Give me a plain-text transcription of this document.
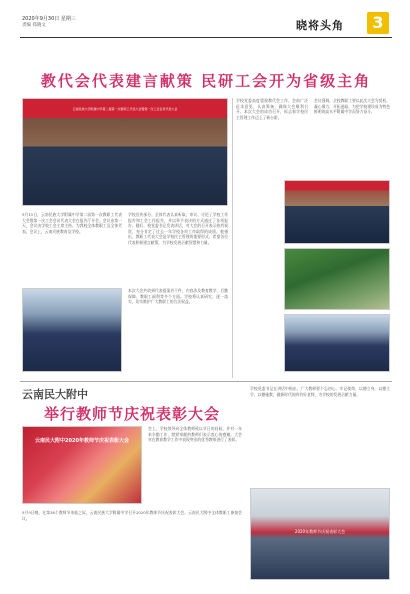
2020年9月30日 星期三
责编 郑晓文	晓将头角	3
教代会代表建言献策 民研工会开为省级主角
云南民族大学附属中学第二届第一次教职工代表大会暨第一次工会会员代表大会
9月15日，云南民族大学附属中学第二届第一次教职工代表大会暨第一次工会会员代表大会在报告厅开会。会议由第一天，会议由学校工会主席主持，为我校全体教职工及全体代表。会议上，云南民族教育及学校。
学校宣传部分。全体代表认真听取、审议、讨论了学校工作报告和工会工作报告，并以举手表决的方式通过了各项报告。随后，校党委书记发表讲话，对大会的召开表示热烈祝贺，充分肯定了过去一年学校各项工作取得的成绩。他指出，教职工代表大会是学校民主管理的重要形式，希望各位代表积极建言献策，为学校发展贡献智慧和力量。
本次大会共收到代表提案若干件，内容涉及教育教学、后勤保障、教职工福利等多个方面。学校将认真研究、逐一落实，切实维护广大教职工的合法权益。
学校党委高度重视教代会工作，会前广泛征求意见，认真筹备，确保大会顺利召开。本次大会的成功召开，标志着学校民主管理工作迈上了新台阶。
会议强调，全校教职工要以此次大会为契机，凝心聚力，开拓进取，为把学校建设成为特色鲜明的高水平附属中学而努力奋斗。
云南民大附中
举行教师节庆祝表彰大会
云南民大附中2020年教师节庆祝表彰大会
会上，学校领导向全体教师致以节日的问候，并对一年来辛勤工作、默默奉献的教师们表示衷心的感谢。大会对在教育教学工作中表现突出的优秀教师进行了表彰。
9月9日晚，在第36个教师节来临之际，云南民族大学附属中学召开2020年教师节庆祝表彰大会。云南民大附中全体教职工参加会议。
学校党委书记在讲话中指出，广大教师要不忘初心、牢记使命，以德立身、以德立学、以德施教，做新时代的四有好老师，为学校的发展贡献力量。
2020年教师节庆祝表彰大会
